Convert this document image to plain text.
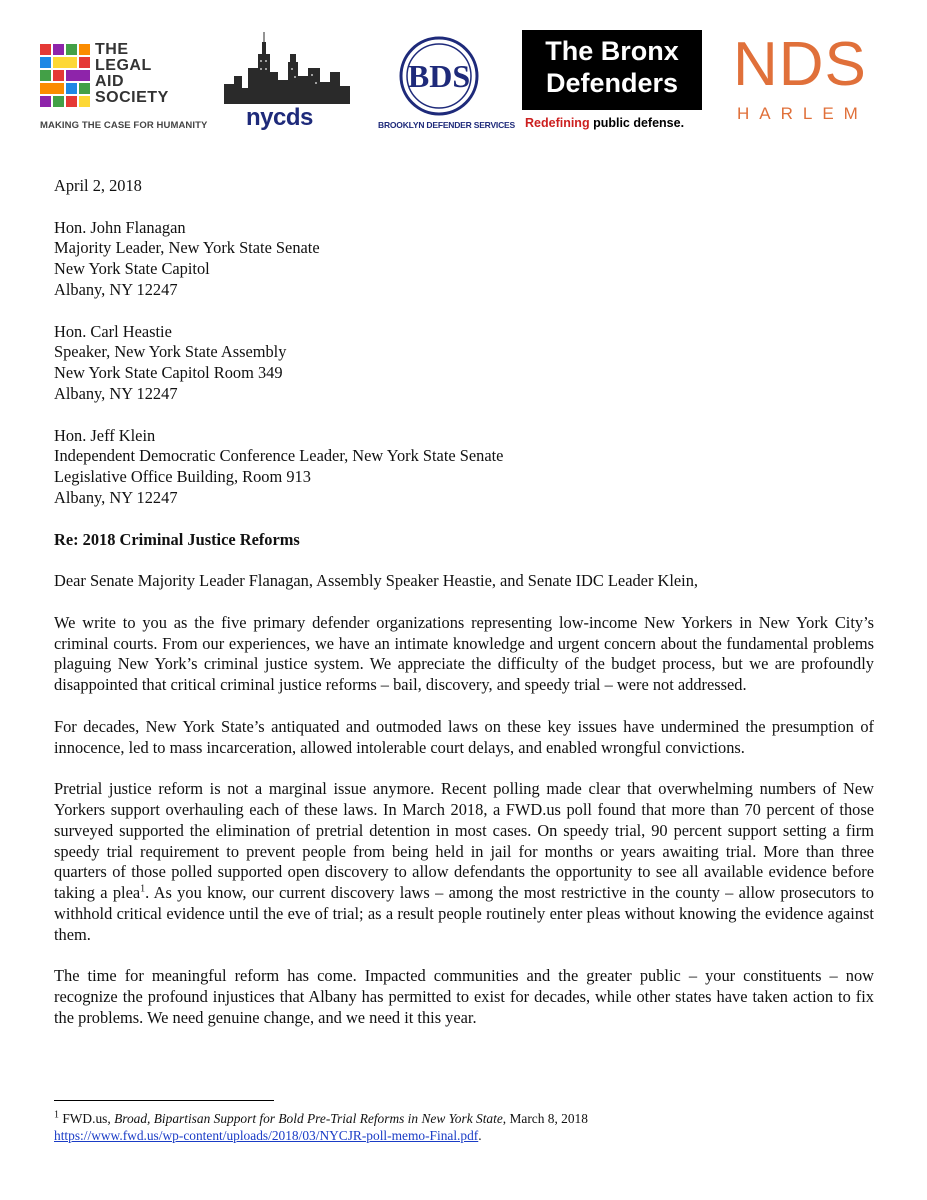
THE
LEGAL
AID
SOCIETY
MAKING THE CASE FOR HUMANITY nycds
BDS
BROOKLYN DEFENDER SERVICES
The Bronx
Defenders
Redefining public defense.
NDS
HARLEM

April 2, 2018

Hon. John Flanagan

Majority Leader, New York State Senate

New York State Capitol

Albany, NY 12247

Hon. Carl Heastie

Speaker, New York State Assembly

New York State Capitol Room 349

Albany, NY 12247

Hon. Jeff Klein

Independent Democratic Conference Leader, New York State Senate

Legislative Office Building, Room 913

Albany, NY 12247

Re: 2018 Criminal Justice Reforms

Dear Senate Majority Leader Flanagan, Assembly Speaker Heastie, and Senate IDC Leader Klein,

We write to you as the five primary defender organizations representing low-income New Yorkers in New York City’s criminal courts. From our experiences, we have an intimate knowledge and urgent concern about the fundamental problems plaguing New York’s criminal justice system. We appreciate the difficulty of the budget process, but we are profoundly disappointed that critical criminal justice reforms – bail, discovery, and speedy trial – were not addressed.

For decades, New York State’s antiquated and outmoded laws on these key issues have undermined the presumption of innocence, led to mass incarceration, allowed intolerable court delays, and enabled wrongful convictions.

Pretrial justice reform is not a marginal issue anymore. Recent polling made clear that overwhelming numbers of New Yorkers support overhauling each of these laws. In March 2018, a FWD.us poll found that more than 70 percent of those surveyed supported the elimination of pretrial detention in most cases. On speedy trial, 90 percent support setting a firm speedy trial requirement to prevent people from being held in jail for months or years awaiting trial. More than three quarters of those polled supported open discovery to allow defendants the opportunity to see all available evidence before taking a plea$^1$. As you know, our current discovery laws – among the most restrictive in the county – allow prosecutors to withhold critical evidence until the eve of trial; as a result people routinely enter pleas without knowing the evidence against them.

The time for meaningful reform has come. Impacted communities and the greater public – your constituents – now recognize the profound injustices that Albany has permitted to exist for decades, while other states have taken action to fix the problems. We need genuine change, and we need it this year.

$^1$ FWD.us, Broad, Bipartisan Support for Bold Pre-Trial Reforms in New York State, March 8, 2018
https://www.fwd.us/wp-content/uploads/2018/03/NYCJR-poll-memo-Final.pdf.
